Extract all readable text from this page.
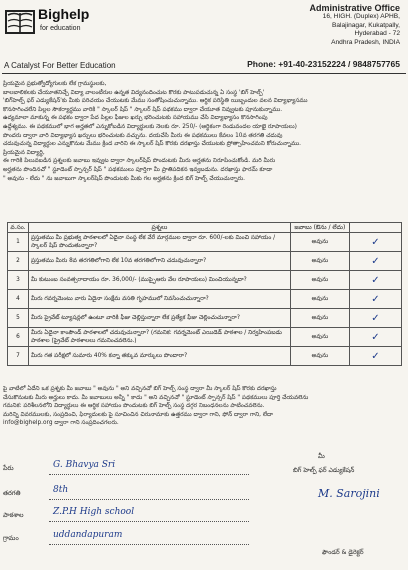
Bighelp
for education
A Catalyst For Better Education
Administrative Office
16, HIGH. (Duplex) APHB,
Balajinagar, Kukatpally,
Hyderabad - 72
Andhra Pradesh, INDIA
Phone: +91-40-23152224 / 9848757765
ప్రియమైన ప్రభుత్వోద్యోగులకు లేక గ్రామస్థులకు,
బాలబాలికలకు చేయూతనిచ్చే విద్యా వాలంటీరుల ఉన్నత విద్యనందించుట కొరకు పాటుపడుచున్న ఏ సంస్థ 'బిగ్ హెల్ప్'
'బిగ్‌హెల్ప్ ఫర్ ఎడ్యుకేషన్'కు మీకు పరిచయం చేయుటకు మేము సంతోషించుచున్నాము. ఆర్థిక పరిస్థితి యిబ్బందుల వలన విద్యాభ్యాసము
కొనసాగించలేని పిల్లల సౌకర్యార్థము వారికి " స్కాలర్ షిప్ " స్కాలర్ షిప్ పథకము ద్వారా చేయూత నివ్వుటకు పూనుకున్నాము.
ఉద్యమాలా మాకున్న ఈ పథకం ద్వారా పేద పిల్లల ఫీజుల ఖర్చు భరించుటకు సహాయము చేసి విద్యాభ్యాసం కొనసాగింపు
ఉద్దేశ్యము. ఈ పథకములో భాగ అర్హతలో ఎన్నుకోబడిన విద్యార్థులకు నెలకు రూ. 250/- (ఆర్థికంగా రెండువందల యాభై రూపాయలు)
పొందరు ద్వారా వారి విద్యాభ్యాస ఖర్చులు భరించుటకు వచ్చును. దయచేసి మీరు ఈ పథకములు కేవలం 10వ తరగతి చదువు
చదువుచున్న విద్యార్థుల ఎన్నుకొనుట మేము క్రింద వారిని ఈ స్కాలర్ షిప్ కొరకు దరఖాస్తు చేయుటకు ప్రోత్సాహించమని కోరుచున్నాము.
ప్రియమైన విద్యార్థి,
ఈ గారికి పిలువబడిన ప్రశ్నలకు జవాబు ఇవ్వుట ద్వారా స్కాలర్‌షిప్ పొందుటకు మీరు అర్హతను నిరూపించుకోండి. మరి మీరు
అర్హతను పొందినచో " స్టూడెంట్ స్పాన్సర్ షిప్ " పథకములు పూర్తిగా మీ ప్రాతిపదికన ఇవ్వబడును. దరఖాస్తు ఫారమ్ కూడా
" అవును - లేదు " ను జవాబుగా స్కాలర్‌షిప్ పొందుటకు మీకు గల అర్హతను క్రింద బిగ్ హెల్ప్ చేయుచున్నారు.
వ.సం.	ప్రశ్నలు	జవాబు (ఔను / లేదు)	
1	ప్రస్తుతము మీ ప్రభుత్వ పాఠశాలలో ఏదైనా సంస్థ లేక వేరే మార్గముల ద్వారా రూ. 600/-లకు మించి సహాయం / స్కాలర్ షిప్ పొందుతున్నారా?	అవును	✓
2	ప్రస్తుతము మీరు 8వ తరగతిలోగాని లేక 10వ తరగతిలోగాని చదువుచున్నారా?	అవును	✓
3	మీ కుటుంబ సంవత్సరాదాయం రూ. 36,000/- (ముప్ఫైఆరు వేల రూపాయలు) మించియున్నదా?	అవును	✓
4	మీరు గవర్నమెంటు వారు ఏదైనా సంక్షేమ వసతి గృహములో నివసించుచున్నారా?	అవును	✓
5	మీరు ప్రైవేట్ ట్యూషన్లలో ఉంటూ వారికి ఫీజు చెల్లిస్తున్నారా లేక ప్రత్యేక ఫీజు చెల్లించుచున్నారా?	అవును	✓
6	మీరు ఏదైనా కాంపౌండ్ పాఠశాలలో చదువుచున్నారా? (గమనిక: గవర్నమెంట్ ఎయిడెడ్ పాఠశాల / నిర్వహింపబడు పాఠశాల (ప్రైవేట్ పాఠశాలలు గమనించవలెను.)	అవును	✓
7	మీరు గత పరీక్షలో సుమారు 40% కన్నా తక్కువ మార్కులు పొందారా?	అవును	✓
పై వాటిలో ఏదేని ఒక ప్రశ్నకు మీ జవాబు " అవును " అని వచ్చినచో బిగ్ హెల్ప్ సంస్థ ద్వారా మీ స్కాలర్ షిప్ కొరకు దరఖాస్తు
చేసుకొనుటకు మీరు అర్హులు కాదు. మీ జవాబులు అన్నీ " కాదు " అని వచ్చినచో " స్టూడెంట్ స్పాన్సర్ షిప్ " పథకములు పూర్తి చేయవలెను
గమనిక: పరిశీలనలోని విద్యార్థులు ఈ ఆర్థిక సహాయం పొందుటకు బిగ్ హెల్ప్ సంస్థ దగ్గర నిబంధనలను పాటించవలెను.
మరిన్ని వివరములకు, సంప్రదించి, ఫిర్యాదులకు పై సూచించిన చిరునామాకు ఉత్తరము ద్వారా గాని, ఫోన్ ద్వారా గాని, లేదా
info@bighelp.org ద్వారా గాని సంప్రదించగలరు.
పేరు	G. Bhavya Sri
తరగతి	8th
పాఠశాల	Z.P.H High school
గ్రామం	uddandapuram
మీ
బిగ్ హెల్ప్ ఫర్ ఎడ్యుకేషన్
M. Sarojini
ఫౌండర్ & డైరెక్టర్
